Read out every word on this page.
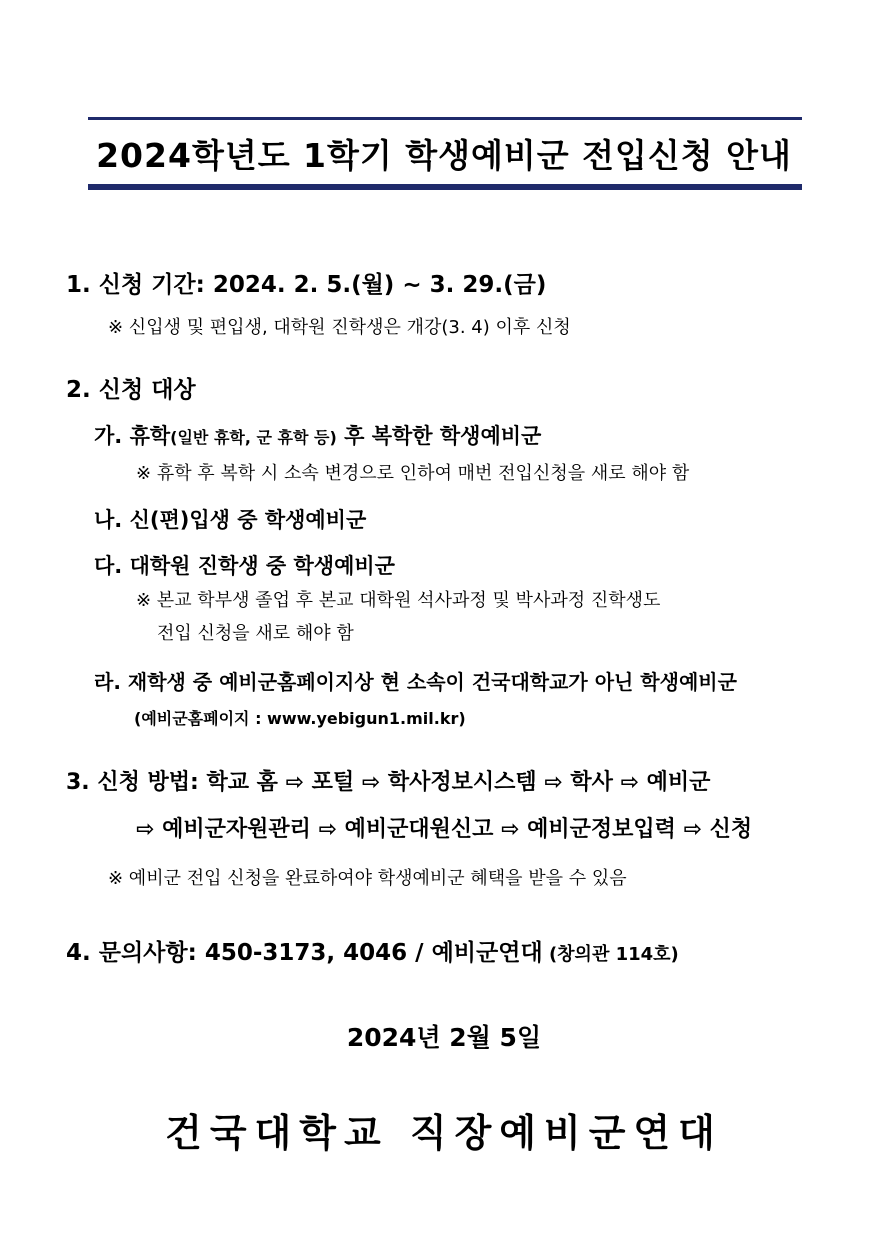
2024학년도 1학기 학생예비군 전입신청 안내
1. 신청 기간: 2024. 2. 5.(월) ~ 3. 29.(금)
※ 신입생 및 편입생, 대학원 진학생은 개강(3. 4) 이후 신청
2. 신청 대상
가. 휴학(일반 휴학, 군 휴학 등) 후 복학한 학생예비군
※ 휴학 후 복학 시 소속 변경으로 인하여 매번 전입신청을 새로 해야 함
나. 신(편)입생 중 학생예비군
다. 대학원 진학생 중 학생예비군
※ 본교 학부생 졸업 후 본교 대학원 석사과정 및 박사과정 진학생도
전입 신청을 새로 해야 함
라. 재학생 중 예비군홈페이지상 현 소속이 건국대학교가 아닌 학생예비군
(예비군홈페이지 : www.yebigun1.mil.kr)
3. 신청 방법: 학교 홈 ⇨ 포털 ⇨ 학사정보시스템 ⇨ 학사 ⇨ 예비군
⇨ 예비군자원관리 ⇨ 예비군대원신고 ⇨ 예비군정보입력 ⇨ 신청
※ 예비군 전입 신청을 완료하여야 학생예비군 혜택을 받을 수 있음
4. 문의사항: 450-3173, 4046 / 예비군연대 (창의관 114호)
2024년 2월 5일
건국대학교 직장예비군연대
